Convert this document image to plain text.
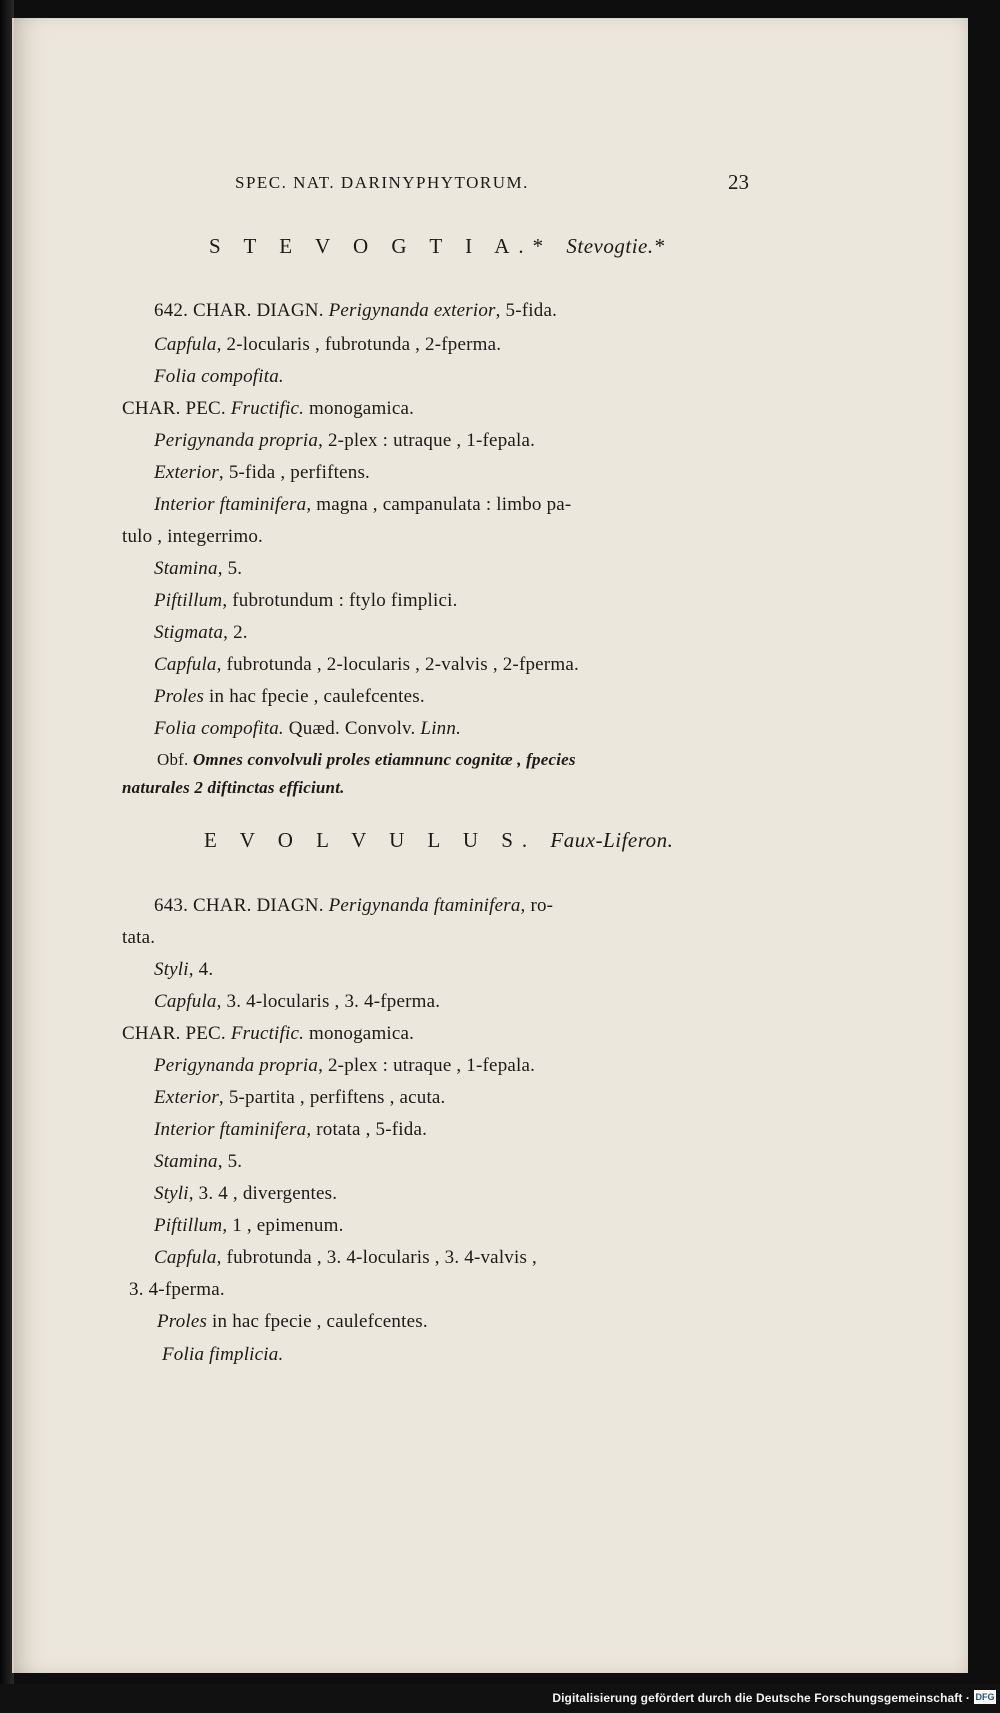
SPEC. NAT. DARINYPHYTORUM.	23
S T E V O G T I A.* Stevogtie.*
642. CHAR. DIAGN. Perigynanda exterior, 5-fida.
Capfula, 2-locularis , fubrotunda , 2-fperma.
Folia compofita.
CHAR. PEC. Fructific. monogamica.
Perigynanda propria, 2-plex : utraque , 1-fepala.
Exterior, 5-fida , perfiftens.
Interior ftaminifera, magna , campanulata : limbo pa-
tulo , integerrimo.
Stamina, 5.
Piftillum, fubrotundum : ftylo fimplici.
Stigmata, 2.
Capfula, fubrotunda , 2-locularis , 2-valvis , 2-fperma.
Proles in hac fpecie , caulefcentes.
Folia compofita. Quæd. Convolv. Linn.
Obf. Omnes convolvuli proles etiamnunc cognitæ , fpecies
naturales 2 diftinctas efficiunt.
E V O L V U L U S. Faux-Liferon.
643. CHAR. DIAGN. Perigynanda ftaminifera, ro-
tata.
Styli, 4.
Capfula, 3. 4-locularis , 3. 4-fperma.
CHAR. PEC. Fructific. monogamica.
Perigynanda propria, 2-plex : utraque , 1-fepala.
Exterior, 5-partita , perfiftens , acuta.
Interior ftaminifera, rotata , 5-fida.
Stamina, 5.
Styli, 3. 4 , divergentes.
Piftillum, 1 , epimenum.
Capfula, fubrotunda , 3. 4-locularis , 3. 4-valvis ,
3. 4-fperma.
Proles in hac fpecie , caulefcentes.
Folia fimplicia.
Digitalisierung gefördert durch die Deutsche Forschungsgemeinschaft · DFG
